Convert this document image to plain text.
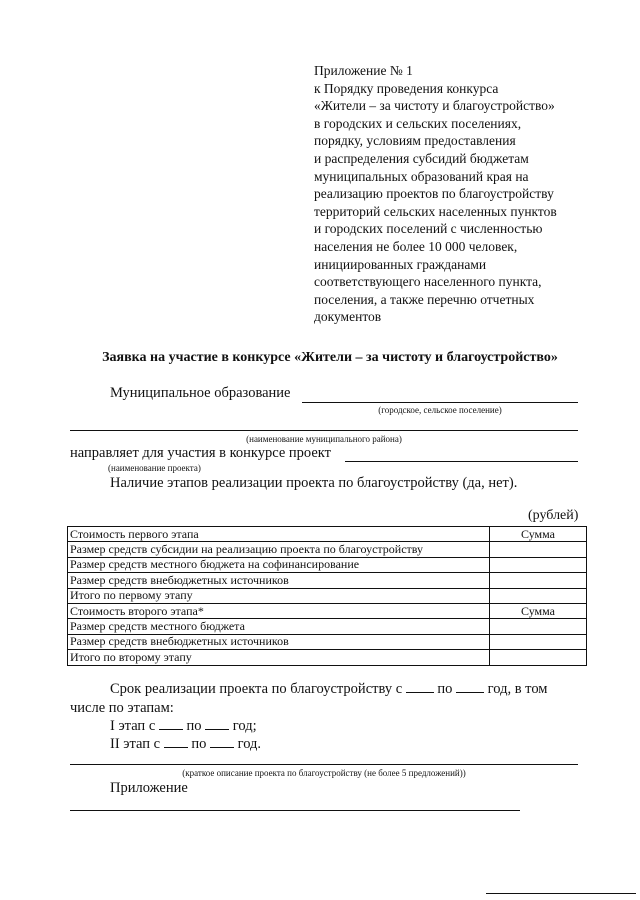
Приложение № 1
к Порядку проведения конкурса
«Жители – за чистоту и благоустройство»
в городских и сельских поселениях,
порядку, условиям предоставления
и распределения субсидий бюджетам
муниципальных образований края на
реализацию проектов по благоустройству
территорий сельских населенных пунктов
и городских поселений с численностью
населения не более 10 000 человек,
инициированных гражданами
соответствующего населенного пункта,
поселения, а также перечню отчетных
документов
Заявка на участие в конкурсе «Жители – за чистоту и благоустройство»
Муниципальное образование
(городское, сельское поселение)
(наименование муниципального района)
направляет для участия в конкурсе проект
(наименование проекта)
Наличие этапов реализации проекта по благоустройству (да, нет).
(рублей)
Стоимость первого этапа	Сумма
Размер средств субсидии на реализацию проекта по благоустройству	
Размер средств местного бюджета на софинансирование	
Размер средств внебюджетных источников	
Итого по первому этапу	
Стоимость второго этапа*	Сумма
Размер средств местного бюджета	
Размер средств внебюджетных источников	
Итого по второму этапу	
Срок реализации проекта по благоустройству с по год, в том
числе по этапам:
I этап с по год;
II этап с по год.
(краткое описание проекта по благоустройству (не более 5 предложений))
Приложение
